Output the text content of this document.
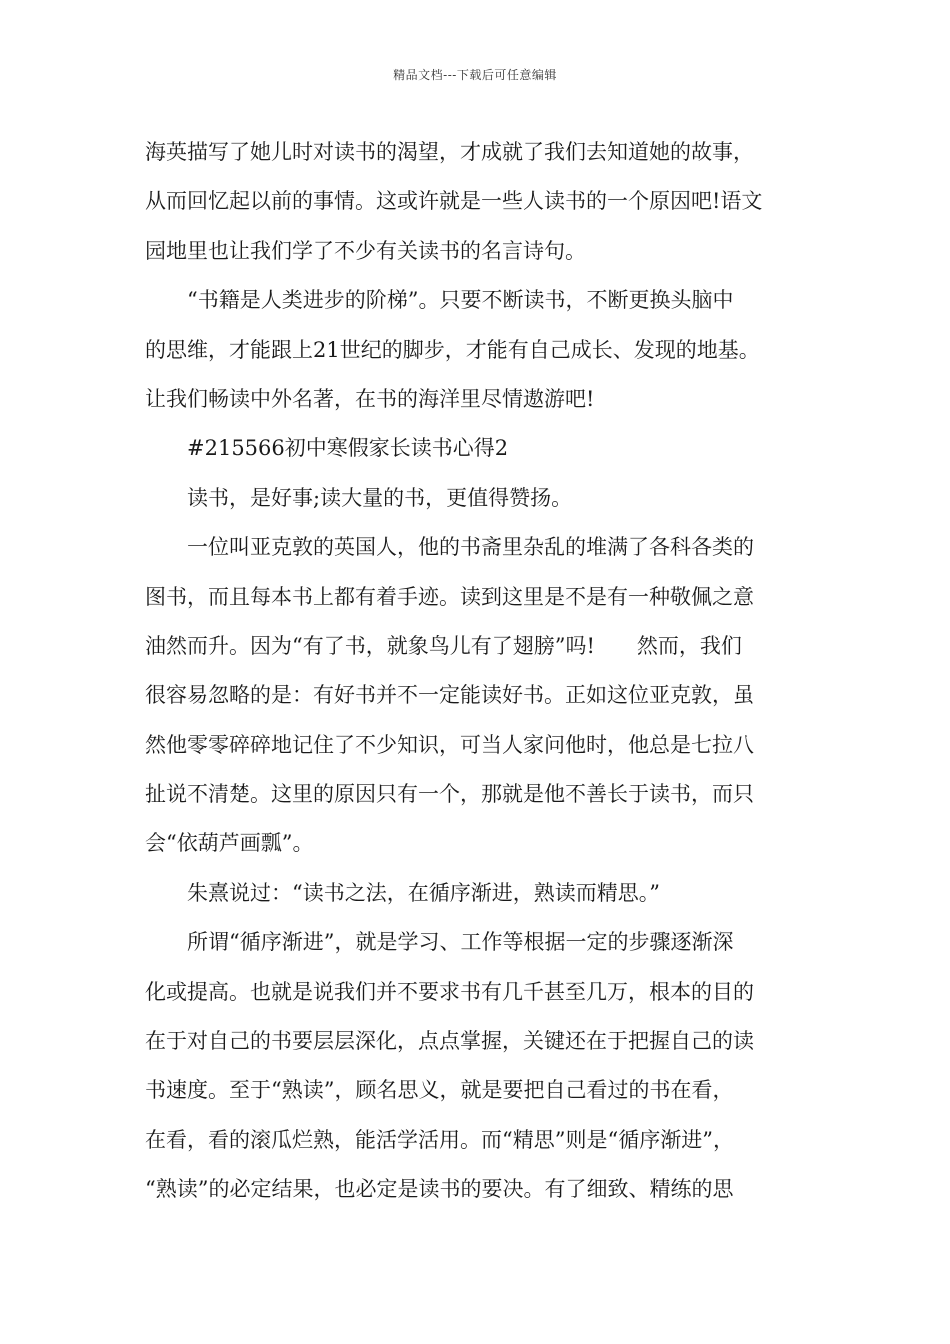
精品文档---下载后可任意编辑
海英描写了她儿时对读书的渴望，才成就了我们去知道她的故事，
从而回忆起以前的事情。这或许就是一些人读书的一个原因吧!语文
园地里也让我们学了不少有关读书的名言诗句。
“书籍是人类进步的阶梯”。只要不断读书，不断更换头脑中
的思维，才能跟上21世纪的脚步，才能有自己成长、发现的地基。
让我们畅读中外名著，在书的海洋里尽情遨游吧!
#215566初中寒假家长读书心得2
读书，是好事;读大量的书，更值得赞扬。
一位叫亚克敦的英国人，他的书斋里杂乱的堆满了各科各类的
图书，而且每本书上都有着手迹。读到这里是不是有一种敬佩之意
油然而升。因为“有了书，就象鸟儿有了翅膀”吗!　　然而，我们
很容易忽略的是：有好书并不一定能读好书。正如这位亚克敦，虽
然他零零碎碎地记住了不少知识，可当人家问他时，他总是七拉八
扯说不清楚。这里的原因只有一个，那就是他不善长于读书，而只
会“依葫芦画瓢”。
朱熹说过：“读书之法，在循序渐进，熟读而精思。”
所谓“循序渐进”，就是学习、工作等根据一定的步骤逐渐深
化或提高。也就是说我们并不要求书有几千甚至几万，根本的目的
在于对自己的书要层层深化，点点掌握，关键还在于把握自己的读
书速度。至于“熟读”，顾名思义，就是要把自己看过的书在看，
在看，看的滚瓜烂熟，能活学活用。而“精思”则是“循序渐进”，
“熟读”的必定结果，也必定是读书的要决。有了细致、精练的思
